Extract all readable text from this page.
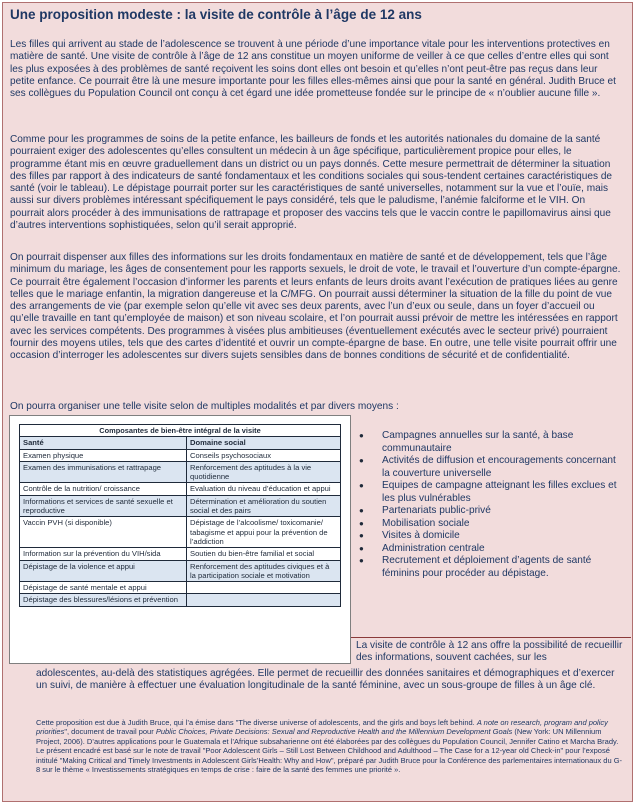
Une proposition modeste : la visite de contrôle à l’âge de 12 ans

Les filles qui arrivent au stade de l’adolescence se trouvent à une période d’une importance vitale pour les interventions protectives en matière de santé. Une visite de contrôle à l’âge de 12 ans constitue un moyen uniforme de veiller à ce que celles d’entre elles qui sont les plus exposées à des problèmes de santé reçoivent les soins dont elles ont besoin et qu’elles n’ont peut-être pas reçus dans leur petite enfance. Ce pourrait être là une mesure importante pour les filles elles-mêmes ainsi que pour la santé en général. Judith Bruce et ses collègues du Population Council ont conçu à cet égard une idée prometteuse fondée sur le principe de « n’oublier aucune fille ».

Comme pour les programmes de soins de la petite enfance, les bailleurs de fonds et les autorités nationales du domaine de la santé pourraient exiger des adolescentes qu’elles consultent un médecin à un âge spécifique, particulièrement propice pour elles, le programme étant mis en œuvre graduellement dans un district ou un pays donnés. Cette mesure permettrait de déterminer la situation des filles par rapport à des indicateurs de santé fondamentaux et les conditions sociales qui sous-tendent certaines caractéristiques de santé (voir le tableau). Le dépistage pourrait porter sur les caractéristiques de santé universelles, notamment sur la vue et l’ouïe, mais aussi sur divers problèmes intéressant spécifiquement le pays considéré, tels que le paludisme, l’anémie falciforme et le VIH. On pourrait alors procéder à des immunisations de rattrapage et proposer des vaccins tels que le vaccin contre le papillomavirus ainsi que d’autres interventions sophistiquées, selon qu’il serait approprié.

On pourrait dispenser aux filles des informations sur les droits fondamentaux en matière de santé et de développement, tels que l’âge minimum du mariage, les âges de consentement pour les rapports sexuels, le droit de vote, le travail et l’ouverture d’un compte-épargne. Ce pourrait être également l’occasion d’informer les parents et leurs enfants de leurs droits avant l’exécution de pratiques liées au genre telles que le mariage enfantin, la migration dangereuse et la C/MFG. On pourrait aussi déterminer la situation de la fille du point de vue des arrangements de vie (par exemple selon qu’elle vit avec ses deux parents, avec l’un d’eux ou seule, dans un foyer d’accueil ou qu’elle travaille en tant qu’employée de maison) et son niveau scolaire, et l’on pourrait aussi prévoir de mettre les intéressées en rapport avec les services compétents. Des programmes à visées plus ambitieuses (éventuellement exécutés avec le secteur privé) pourraient fournir des moyens utiles, tels que des cartes d’identité et ouvrir un compte-épargne de base. En outre, une telle visite pourrait offrir une occasion d’interroger les adolescentes sur divers sujets sensibles dans de bonnes conditions de sécurité et de confidentialité.

On pourra organiser une telle visite selon de multiples modalités et par divers moyens :
Composantes de bien-être intégral de la visite	
Santé	Domaine social
Examen physique	Conseils psychosociaux
Examen des immunisations et rattrapage	Renforcement des aptitudes à la vie quotidienne
Contrôle de la nutrition/ croissance	Evaluation du niveau d’éducation et appui
Informations et services de santé sexuelle et reproductive	Détermination et amélioration du soutien social et des pairs
Vaccin PVH (si disponible)	Dépistage de l’alcoolisme/ toxicomanie/ tabagisme et appui pour la prévention de l’addiction
Information sur la prévention du VIH/sida	Soutien du bien-être familial et social
Dépistage de la violence et appui	Renforcement des aptitudes civiques et à la participation sociale et motivation
Dépistage de santé mentale et appui	
Dépistage des blessures/lésions et prévention	
● Campagnes annuelles sur la santé, à base communautaire
● Activités de diffusion et encouragements concernant la couverture universelle
● Equipes de campagne atteignant les filles exclues et les plus vulnérables
● Partenariats public-privé
● Mobilisation sociale
● Visites à domicile
● Administration centrale
● Recrutement et déploiement d’agents de santé féminins pour procéder au dépistage.

La visite de contrôle à 12 ans offre la possibilité de recueillir des informations, souvent cachées, sur les

adolescentes, au-delà des statistiques agrégées. Elle permet de recueillir des données sanitaires et démographiques et d’exercer un suivi, de manière à effectuer une évaluation longitudinale de la santé féminine, avec un sous-groupe de filles à un âge clé.

Cette proposition est due à Judith Bruce, qui l’a émise dans "The diverse universe of adolescents, and the girls and boys left behind. A note on research, program and policy priorities", document de travail pour Public Choices, Private Decisions: Sexual and Reproductive Health and the Millennium Development Goals (New York: UN Millennium Project, 2006). D’autres applications pour le Guatemala et l’Afrique subsaharienne ont été élaborées par des collègues du Population Council, Jennifer Catino et Marcha Brady. Le présent encadré est basé sur le note de travail "Poor Adolescent Girls – Still Lost Between Childhood and Adulthood – The Case for a 12-year old Check-in" pour l’exposé intitulé "Making Critical and Timely Investments in Adolescent Girls’Health: Why and How", préparé par Judith Bruce pour la Conférence des parlementaires internationaux du G-8 sur le thème « Investissements stratégiques en temps de crise : faire de la santé des femmes une priorité ».
